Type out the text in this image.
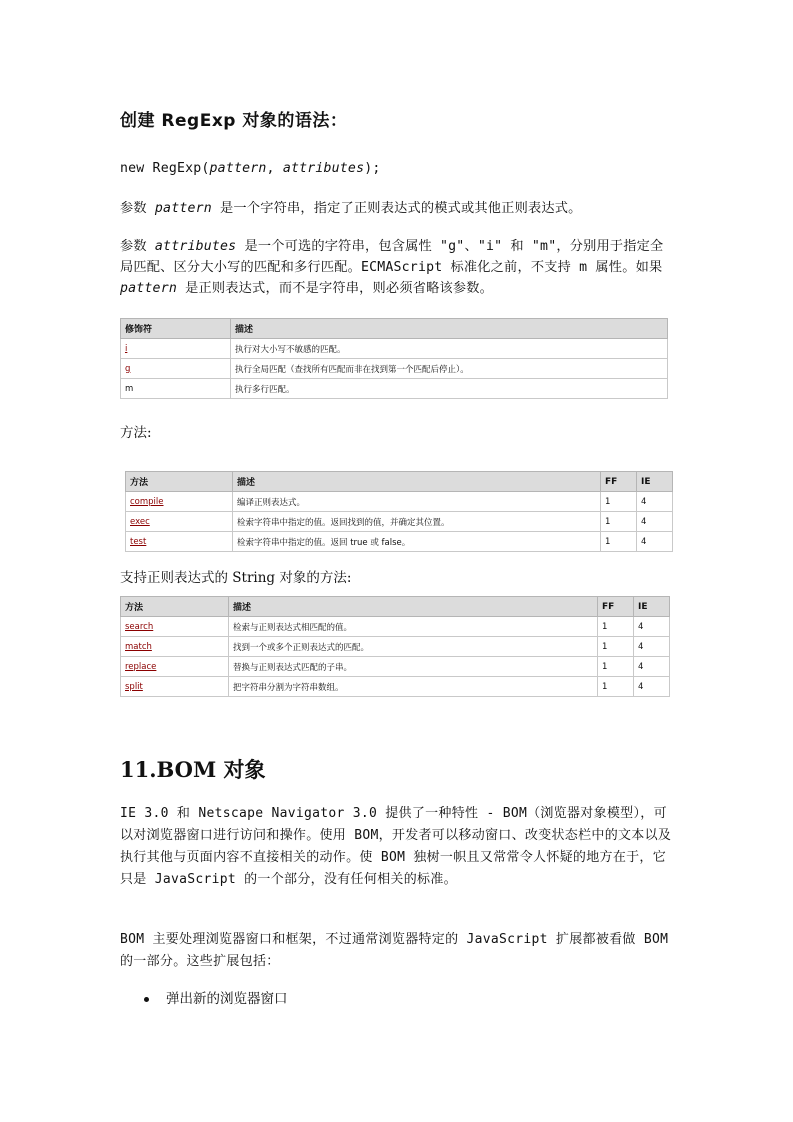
创建 RegExp 对象的语法：

new RegExp(pattern, attributes);

参数 pattern 是一个字符串，指定了正则表达式的模式或其他正则表达式。

参数 attributes 是一个可选的字符串，包含属性 "g"、"i" 和 "m"，分别用于指定全局匹配、区分大小写的匹配和多行匹配。ECMAScript 标准化之前，不支持 m 属性。如果 pattern 是正则表达式，而不是字符串，则必须省略该参数。

修饰符	描述
i	执行对大小写不敏感的匹配。
g	执行全局匹配（查找所有匹配而非在找到第一个匹配后停止）。
m	执行多行匹配。

方法:

方法	描述	FF	IE
compile	编译正则表达式。	1	4
exec	检索字符串中指定的值。返回找到的值，并确定其位置。	1	4
test	检索字符串中指定的值。返回 true 或 false。	1	4

支持正则表达式的 String 对象的方法:

方法	描述	FF	IE
search	检索与正则表达式相匹配的值。	1	4
match	找到一个或多个正则表达式的匹配。	1	4
replace	替换与正则表达式匹配的子串。	1	4
split	把字符串分割为字符串数组。	1	4
11.BOM 对象

IE 3.0 和 Netscape Navigator 3.0 提供了一种特性 - BOM（浏览器对象模型），可以对浏览器窗口进行访问和操作。使用 BOM，开发者可以移动窗口、改变状态栏中的文本以及执行其他与页面内容不直接相关的动作。使 BOM 独树一帜且又常常令人怀疑的地方在于，它只是 JavaScript 的一个部分，没有任何相关的标准。

BOM 主要处理浏览器窗口和框架，不过通常浏览器特定的 JavaScript 扩展都被看做 BOM 的一部分。这些扩展包括：

弹出新的浏览器窗口
